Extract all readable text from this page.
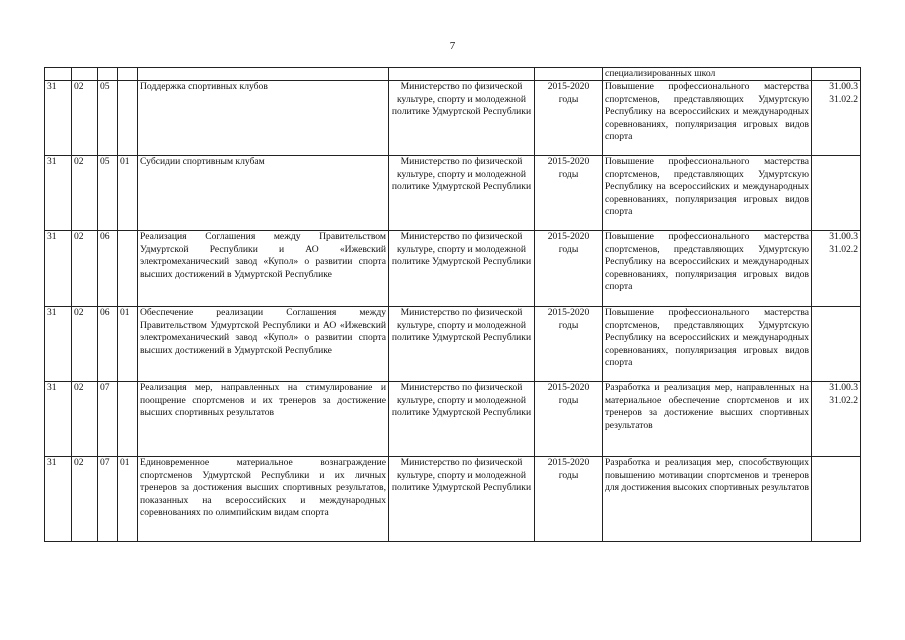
7
							специализированных школ	
31	02	05		Поддержка спортивных клубов	Министерство по физической культуре, спорту и молодежной политике Удмуртской Республики	2015-2020 годы	Повышение профессионального мастерства спортсменов, представляющих Удмуртскую Республику на всероссийских и международных соревнованиях, популяризация игровых видов спорта	31.00.3
31.02.2

31	02	05	01	Субсидии спортивным клубам	Министерство по физической культуре, спорту и молодежной политике Удмуртской Республики	2015-2020 годы	Повышение профессионального мастерства спортсменов, представляющих Удмуртскую Республику на всероссийских и международных соревнованиях, популяризация игровых видов спорта	
31	02	06		Реализация Соглашения между Правительством Удмуртской Республики и АО «Ижевский электромеханический завод «Купол» о развитии спорта высших достижений в Удмуртской Республике	Министерство по физической культуре, спорту и молодежной политике Удмуртской Республики	2015-2020 годы	Повышение профессионального мастерства спортсменов, представляющих Удмуртскую Республику на всероссийских и международных соревнованиях, популяризация игровых видов спорта	31.00.3
31.02.2

31	02	06	01	Обеспечение реализации Соглашения между Правительством Удмуртской Республики и АО «Ижевский электромеханический завод «Купол» о развитии спорта высших достижений в Удмуртской Республике	Министерство по физической культуре, спорту и молодежной политике Удмуртской Республики	2015-2020 годы	Повышение профессионального мастерства спортсменов, представляющих Удмуртскую Республику на всероссийских и международных соревнованиях, популяризация игровых видов спорта	
31	02	07		Реализация мер, направленных на стимулирование и поощрение спортсменов и их тренеров за достижение высших спортивных результатов	Министерство по физической культуре, спорту и молодежной политике Удмуртской Республики	2015-2020 годы	Разработка и реализация мер, направленных на материальное обеспечение спортсменов и их тренеров за достижение высших спортивных результатов	31.00.3
31.02.2

31	02	07	01	Единовременное материальное вознаграждение спортсменов Удмуртской Республики и их личных тренеров за достижения высших спортивных результатов, показанных на всероссийских и международных соревнованиях по олимпийским видам спорта	Министерство по физической культуре, спорту и молодежной политике Удмуртской Республики	2015-2020 годы	Разработка и реализация мер, способствующих повышению мотивации спортсменов и тренеров для достижения высоких спортивных результатов	
